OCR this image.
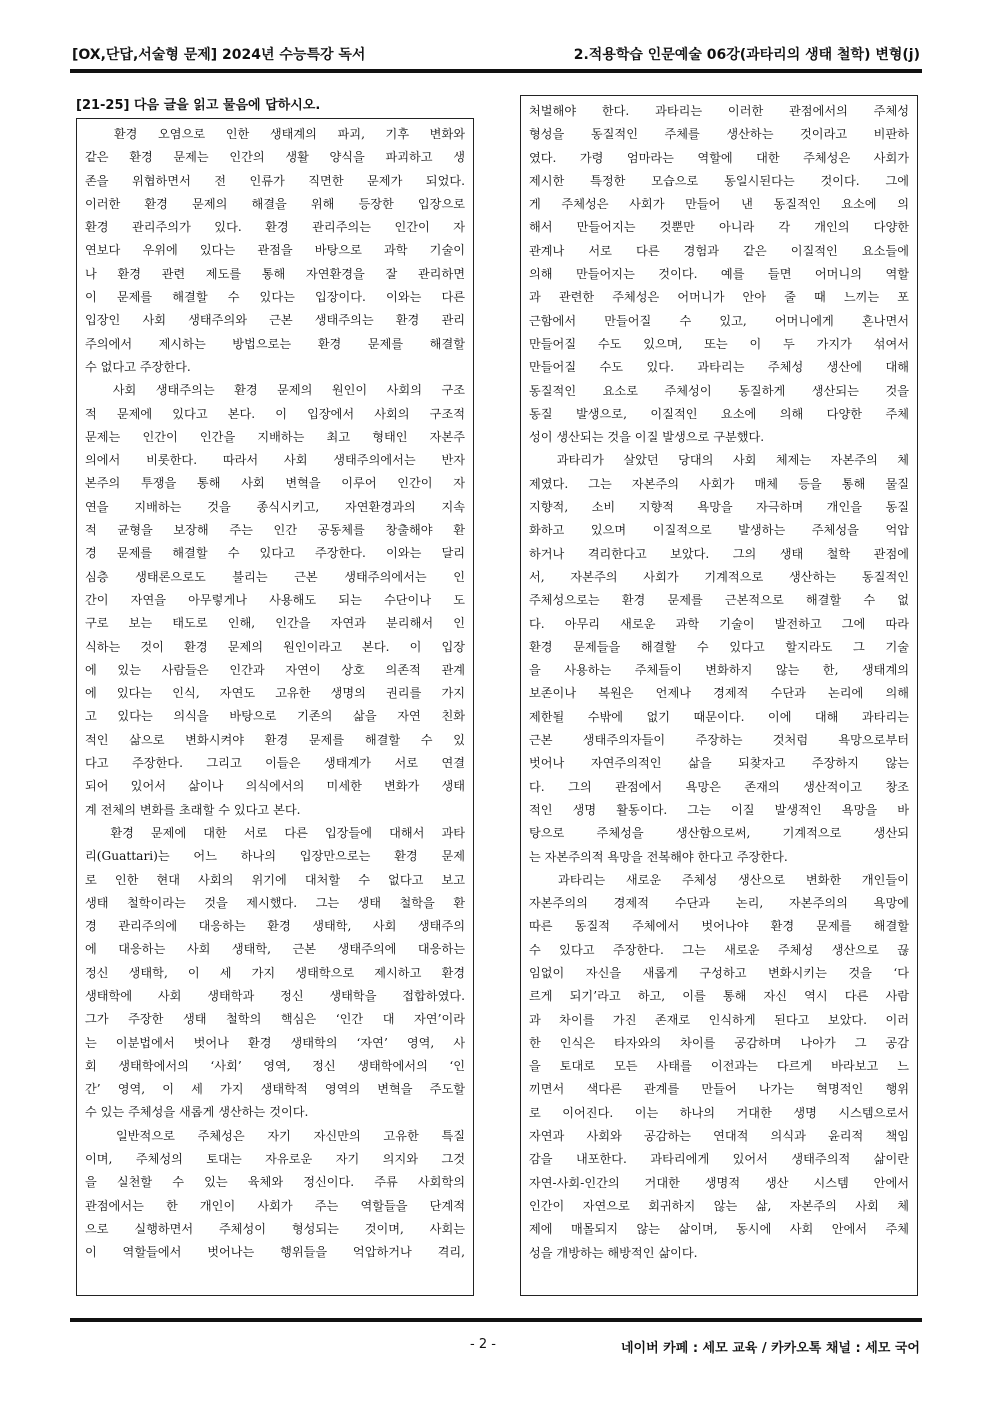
[OX,단답,서술형 문제] 2024년 수능특강 독서	2.적용학습 인문예술 06강(과타리의 생태 철학) 변형(j)
[21-25] 다음 글을 읽고 물음에 답하시오.
　환경 오염으로 인한 생태계의 파괴, 기후 변화와
같은 환경 문제는 인간의 생활 양식을 파괴하고 생
존을 위협하면서 전 인류가 직면한 문제가 되었다.
이러한 환경 문제의 해결을 위해 등장한 입장으로
환경 관리주의가 있다. 환경 관리주의는 인간이 자
연보다 우위에 있다는 관점을 바탕으로 과학 기술이
나 환경 관련 제도를 통해 자연환경을 잘 관리하면
이 문제를 해결할 수 있다는 입장이다. 이와는 다른
입장인 사회 생태주의와 근본 생태주의는 환경 관리
주의에서 제시하는 방법으로는 환경 문제를 해결할
수 없다고 주장한다.
　사회 생태주의는 환경 문제의 원인이 사회의 구조
적 문제에 있다고 본다. 이 입장에서 사회의 구조적
문제는 인간이 인간을 지배하는 최고 형태인 자본주
의에서 비롯한다. 따라서 사회 생태주의에서는 반자
본주의 투쟁을 통해 사회 변혁을 이루어 인간이 자
연을 지배하는 것을 종식시키고, 자연환경과의 지속
적 균형을 보장해 주는 인간 공동체를 창출해야 환
경 문제를 해결할 수 있다고 주장한다. 이와는 달리
심층 생태론으로도 불리는 근본 생태주의에서는 인
간이 자연을 아무렇게나 사용해도 되는 수단이나 도
구로 보는 태도로 인해, 인간을 자연과 분리해서 인
식하는 것이 환경 문제의 원인이라고 본다. 이 입장
에 있는 사람들은 인간과 자연이 상호 의존적 관계
에 있다는 인식, 자연도 고유한 생명의 권리를 가지
고 있다는 의식을 바탕으로 기존의 삶을 자연 친화
적인 삶으로 변화시켜야 환경 문제를 해결할 수 있
다고 주장한다. 그리고 이들은 생태계가 서로 연결
되어 있어서 삶이나 의식에서의 미세한 변화가 생태
계 전체의 변화를 초래할 수 있다고 본다.
　환경 문제에 대한 서로 다른 입장들에 대해서 과타
리(Guattari)는 어느 하나의 입장만으로는 환경 문제
로 인한 현대 사회의 위기에 대처할 수 없다고 보고
생태 철학이라는 것을 제시했다. 그는 생태 철학을 환
경 관리주의에 대응하는 환경 생태학, 사회 생태주의
에 대응하는 사회 생태학, 근본 생태주의에 대응하는
정신 생태학, 이 세 가지 생태학으로 제시하고 환경
생태학에 사회 생태학과 정신 생태학을 접합하였다.
그가 주장한 생태 철학의 핵심은 ‘인간 대 자연’이라
는 이분법에서 벗어나 환경 생태학의 ‘자연’ 영역, 사
회 생태학에서의 ‘사회’ 영역, 정신 생태학에서의 ‘인
간’ 영역, 이 세 가지 생태학적 영역의 변혁을 주도할
수 있는 주체성을 새롭게 생산하는 것이다.
　일반적으로 주체성은 자기 자신만의 고유한 특질
이며, 주체성의 토대는 자유로운 자기 의지와 그것
을 실천할 수 있는 육체와 정신이다. 주류 사회학의
관점에서는 한 개인이 사회가 주는 역할들을 단계적
으로 실행하면서 주체성이 형성되는 것이며, 사회는
이 역할들에서 벗어나는 행위들을 억압하거나 격리,
처벌해야 한다. 과타리는 이러한 관점에서의 주체성
형성을 동질적인 주체를 생산하는 것이라고 비판하
였다. 가령 엄마라는 역할에 대한 주체성은 사회가
제시한 특정한 모습으로 동일시된다는 것이다. 그에
게 주체성은 사회가 만들어 낸 동질적인 요소에 의
해서 만들어지는 것뿐만 아니라 각 개인의 다양한
관계나 서로 다른 경험과 같은 이질적인 요소들에
의해 만들어지는 것이다. 예를 들면 어머니의 역할
과 관련한 주체성은 어머니가 안아 줄 때 느끼는 포
근함에서 만들어질 수 있고, 어머니에게 혼나면서
만들어질 수도 있으며, 또는 이 두 가지가 섞여서
만들어질 수도 있다. 과타리는 주체성 생산에 대해
동질적인 요소로 주체성이 동질하게 생산되는 것을
동질 발생으로, 이질적인 요소에 의해 다양한 주체
성이 생산되는 것을 이질 발생으로 구분했다.
　과타리가 살았던 당대의 사회 체제는 자본주의 체
제였다. 그는 자본주의 사회가 매체 등을 통해 물질
지향적, 소비 지향적 욕망을 자극하며 개인을 동질
화하고 있으며 이질적으로 발생하는 주체성을 억압
하거나 격리한다고 보았다. 그의 생태 철학 관점에
서, 자본주의 사회가 기계적으로 생산하는 동질적인
주체성으로는 환경 문제를 근본적으로 해결할 수 없
다. 아무리 새로운 과학 기술이 발전하고 그에 따라
환경 문제들을 해결할 수 있다고 할지라도 그 기술
을 사용하는 주체들이 변화하지 않는 한, 생태계의
보존이나 복원은 언제나 경제적 수단과 논리에 의해
제한될 수밖에 없기 때문이다. 이에 대해 과타리는
근본 생태주의자들이 주장하는 것처럼 욕망으로부터
벗어나 자연주의적인 삶을 되찾자고 주장하지 않는
다. 그의 관점에서 욕망은 존재의 생산적이고 창조
적인 생명 활동이다. 그는 이질 발생적인 욕망을 바
탕으로 주체성을 생산함으로써, 기계적으로 생산되
는 자본주의적 욕망을 전복해야 한다고 주장한다.
　과타리는 새로운 주체성 생산으로 변화한 개인들이
자본주의의 경제적 수단과 논리, 자본주의의 욕망에
따른 동질적 주체에서 벗어나야 환경 문제를 해결할
수 있다고 주장한다. 그는 새로운 주체성 생산으로 끊
임없이 자신을 새롭게 구성하고 변화시키는 것을 ‘다
르게 되기’라고 하고, 이를 통해 자신 역시 다른 사람
과 차이를 가진 존재로 인식하게 된다고 보았다. 이러
한 인식은 타자와의 차이를 공감하며 나아가 그 공감
을 토대로 모든 사태를 이전과는 다르게 바라보고 느
끼면서 색다른 관계를 만들어 나가는 혁명적인 행위
로 이어진다. 이는 하나의 거대한 생명 시스템으로서
자연과 사회와 공감하는 연대적 의식과 윤리적 책임
감을 내포한다. 과타리에게 있어서 생태주의적 삶이란
자연-사회-인간의 거대한 생명적 생산 시스템 안에서
인간이 자연으로 회귀하지 않는 삶, 자본주의 사회 체
제에 매몰되지 않는 삶이며, 동시에 사회 안에서 주체
성을 개방하는 해방적인 삶이다.
- 2 -	네이버 카페 : 세모 교육 / 카카오톡 채널 : 세모 국어
